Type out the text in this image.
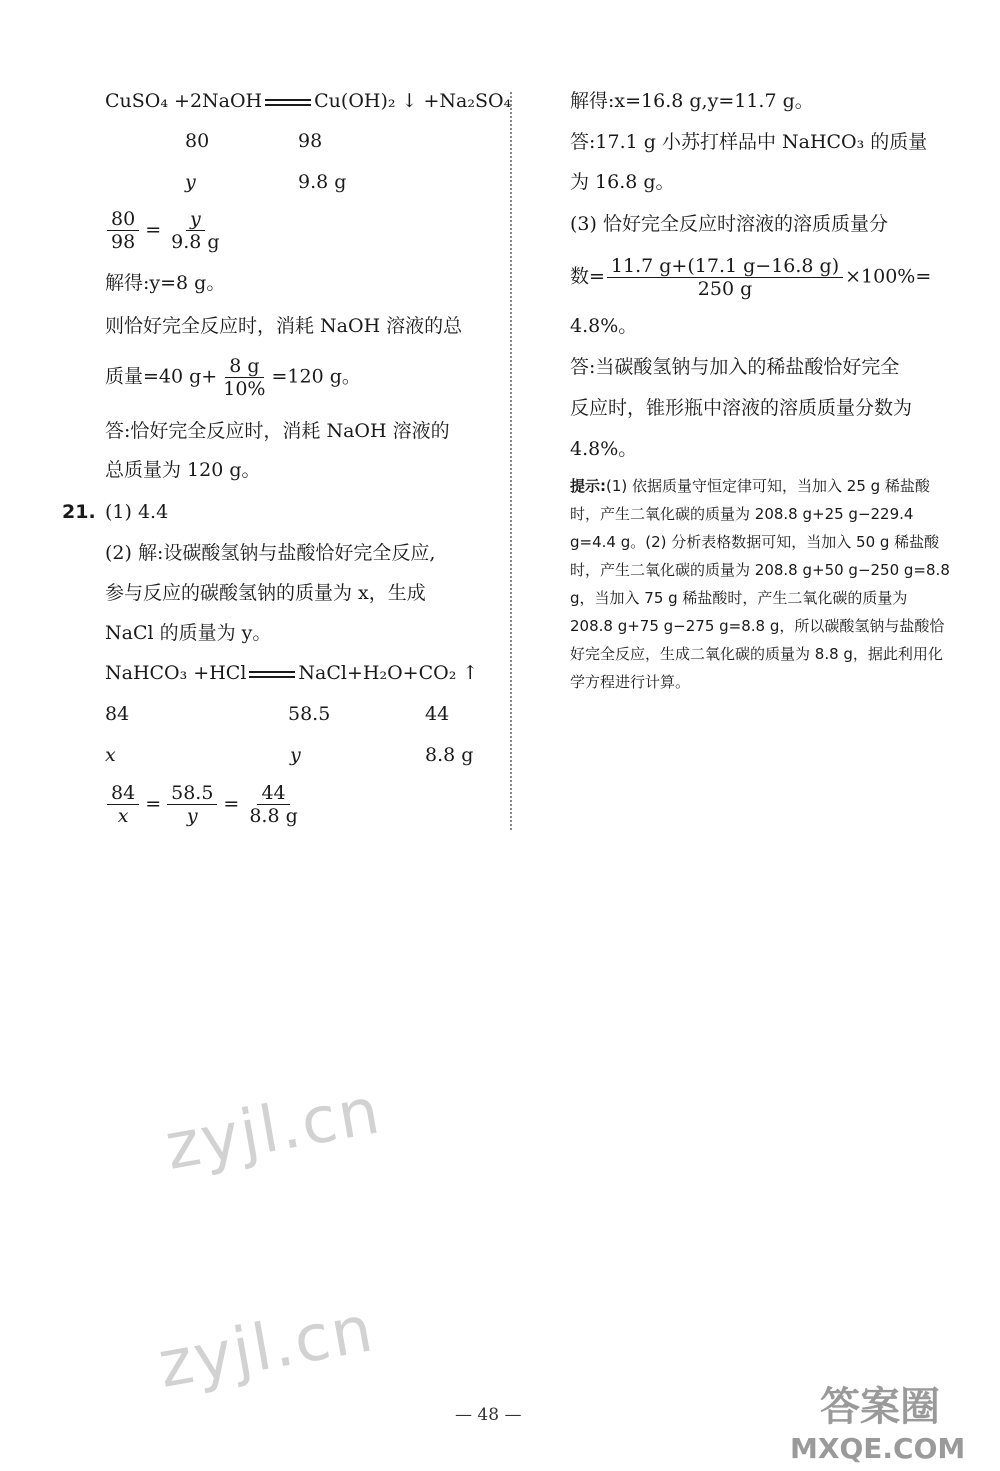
CuSO₄ +2NaOH	Cu(OH)₂ ↓ +Na₂SO₄
80	98
y	9.8 g
$\frac{80}{98} = \frac{y}{9.8 g}$
解得:y=8 g。
则恰好完全反应时，消耗 NaOH 溶液的总
质量=40 $g+ \frac{8 g}{10\%} =120$ g。
答:恰好完全反应时，消耗 NaOH 溶液的
总质量为 120 g。
21. (1) 4.4
(2) 解:设碳酸氢钠与盐酸恰好完全反应,
参与反应的碳酸氢钠的质量为 x，生成
NaCl 的质量为 y。
NaHCO₃ +HCl	NaCl+H₂O+CO₂ ↑
84	58.5	44
x	y	8.8 g
$\frac{84}{x} = \frac{58.5}{y} = \frac{44}{8.8 g}$
解得:x=16.8 g,y=11.7 g。
答:17.1 g 小苏打样品中 NaHCO₃ 的质量
为 16.8 g。
(3) 恰好完全反应时溶液的溶质质量分
数= $\frac{11.7 g+(17.1 g-16.8 g)}{250 g} \times 100\%=$
4.8%。
答:当碳酸氢钠与加入的稀盐酸恰好完全
反应时，锥形瓶中溶液的溶质质量分数为
4.8%。
提示:(1) 依据质量守恒定律可知，当加入 25 g 稀盐酸时，产生二氧化碳的质量为 208.8 g+25 g−229.4 g=4.4 g。(2) 分析表格数据可知，当加入 50 g 稀盐酸时，产生二氧化碳的质量为 208.8 g+50 g−250 g=8.8 g，当加入 75 g 稀盐酸时，产生二氧化碳的质量为 208.8 g+75 g−275 g=8.8 g，所以碳酸氢钠与盐酸恰好完全反应，生成二氧化碳的质量为 8.8 g，据此利用化学方程进行计算。
zyjl.cn
zyjl.cn
— 48 —	答案圈
MXQE.COM
